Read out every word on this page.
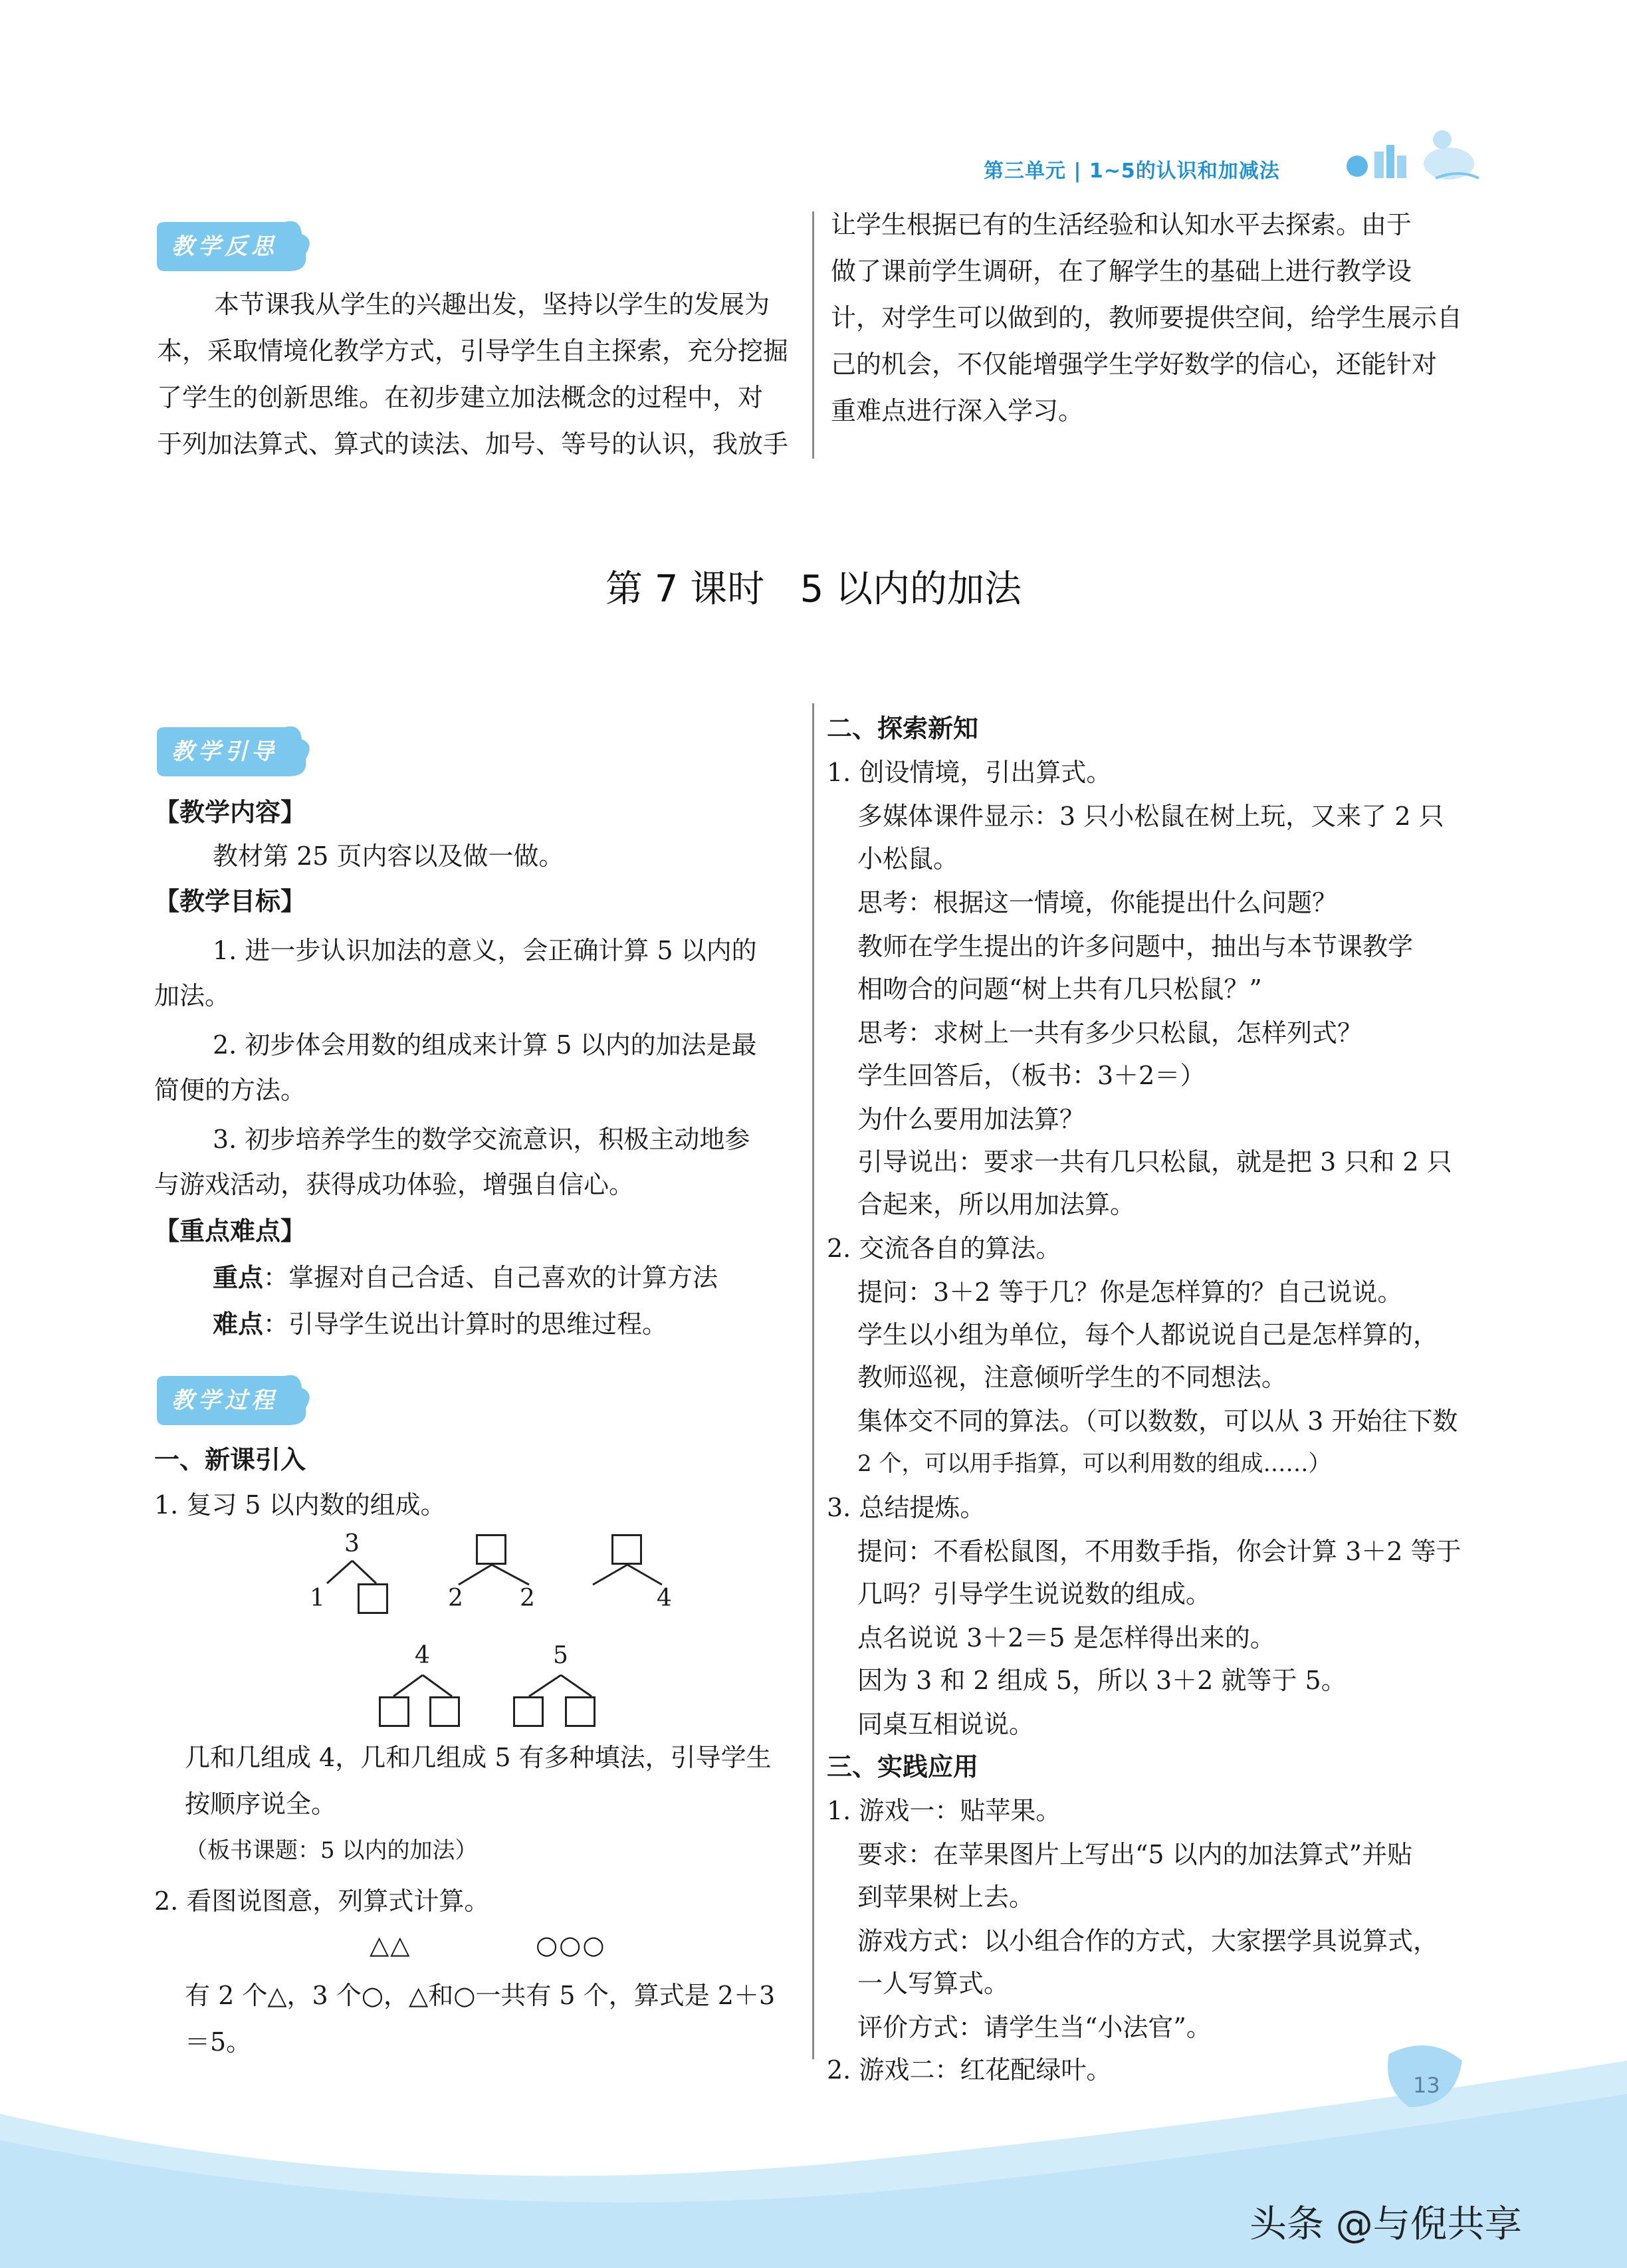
第三单元 | 1~5的认识和加减法
教学反思
本节课我从学生的兴趣出发，坚持以学生的发展为
本，采取情境化教学方式，引导学生自主探索，充分挖掘
了学生的创新思维。在初步建立加法概念的过程中，对
于列加法算式、算式的读法、加号、等号的认识，我放手
让学生根据已有的生活经验和认知水平去探索。由于
做了课前学生调研，在了解学生的基础上进行教学设
计，对学生可以做到的，教师要提供空间，给学生展示自
己的机会，不仅能增强学生学好数学的信心，还能针对
重难点进行深入学习。
第 7 课时   5 以内的加法
教学引导
【教学内容】
教材第 25 页内容以及做一做。
【教学目标】
1. 进一步认识加法的意义，会正确计算 5 以内的
加法。
2. 初步体会用数的组成来计算 5 以内的加法是最
简便的方法。
3. 初步培养学生的数学交流意识，积极主动地参
与游戏活动，获得成功体验，增强自信心。
【重点难点】
重点：掌握对自己合适、自己喜欢的计算方法
难点：引导学生说出计算时的思维过程。
教学过程
一、新课引入
1. 复习 5 以内数的组成。
3
1	2 2	4
4	5
几和几组成 4，几和几组成 5 有多种填法，引导学生
按顺序说全。
（板书课题：5 以内的加法）
2. 看图说图意，列算式计算。
△△	○○○
有 2 个△，3 个○，△和○一共有 5 个，算式是 2＋3
＝5。
二、探索新知
1. 创设情境，引出算式。
多媒体课件显示：3 只小松鼠在树上玩，又来了 2 只
小松鼠。
思考：根据这一情境，你能提出什么问题？
教师在学生提出的许多问题中，抽出与本节课教学
相吻合的问题“树上共有几只松鼠？”
思考：求树上一共有多少只松鼠，怎样列式？
学生回答后，（板书：3＋2＝）
为什么要用加法算？
引导说出：要求一共有几只松鼠，就是把 3 只和 2 只
合起来，所以用加法算。
2. 交流各自的算法。
提问：3＋2 等于几？你是怎样算的？自己说说。
学生以小组为单位，每个人都说说自己是怎样算的，
教师巡视，注意倾听学生的不同想法。
集体交不同的算法。（可以数数，可以从 3 开始往下数
2 个，可以用手指算，可以利用数的组成……）
3. 总结提炼。
提问：不看松鼠图，不用数手指，你会计算 3＋2 等于
几吗？引导学生说说数的组成。
点名说说 3＋2＝5 是怎样得出来的。
因为 3 和 2 组成 5，所以 3＋2 就等于 5。
同桌互相说说。
三、实践应用
1. 游戏一：贴苹果。
要求：在苹果图片上写出“5 以内的加法算式”并贴
到苹果树上去。
游戏方式：以小组合作的方式，大家摆学具说算式，
一人写算式。
评价方式：请学生当“小法官”。
2. 游戏二：红花配绿叶。
13
头条 @与倪共享
